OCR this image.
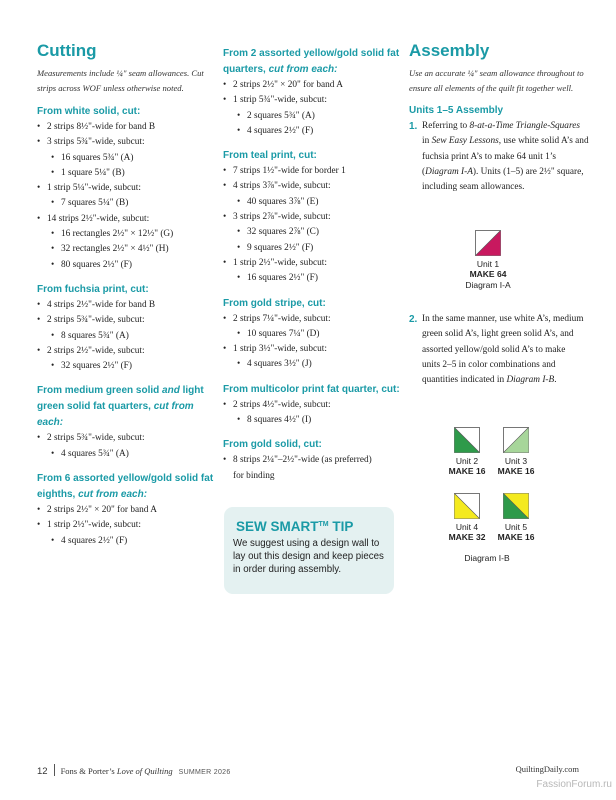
Cutting
Measurements include ¼" seam allowances. Cut strips across WOF unless otherwise noted.
From white solid, cut:
• 2 strips 8½"-wide for band B
• 3 strips 5¾"-wide, subcut:
• 16 squares 5¾" (A)
• 1 square 5¼" (B)
• 1 strip 5¼"-wide, subcut:
• 7 squares 5¼" (B)
• 14 strips 2½"-wide, subcut:
• 16 rectangles 2½" × 12½" (G)
• 32 rectangles 2½" × 4½" (H)
• 80 squares 2½" (F)
From fuchsia print, cut:
• 4 strips 2½"-wide for band B
• 2 strips 5¾"-wide, subcut:
• 8 squares 5¾" (A)
• 2 strips 2½"-wide, subcut:
• 32 squares 2½" (F)
From medium green solid and light green solid fat quarters, cut from each:
• 2 strips 5¾"-wide, subcut:
• 4 squares 5¾" (A)
From 6 assorted yellow/gold solid fat eighths, cut from each:
• 2 strips 2½" × 20" for band A
• 1 strip 2½"-wide, subcut:
• 4 squares 2½" (F)
From 2 assorted yellow/gold solid fat quarters, cut from each:
• 2 strips 2½" × 20" for band A
• 1 strip 5¾"-wide, subcut:
• 2 squares 5¾" (A)
• 4 squares 2½" (F)
From teal print, cut:
• 7 strips 1½"-wide for border 1
• 4 strips 3⅞"-wide, subcut:
• 40 squares 3⅞" (E)
• 3 strips 2⅞"-wide, subcut:
• 32 squares 2⅞" (C)
• 9 squares 2½" (F)
• 1 strip 2½"-wide, subcut:
• 16 squares 2½" (F)
From gold stripe, cut:
• 2 strips 7¼"-wide, subcut:
• 10 squares 7¼" (D)
• 1 strip 3½"-wide, subcut:
• 4 squares 3½" (J)
From multicolor print fat quarter, cut:
• 2 strips 4½"-wide, subcut:
• 8 squares 4½" (I)
From gold solid, cut:
• 8 strips 2¼"–2½"-wide (as preferred)
for binding
SEW SMART™ TIP
We suggest using a design wall to lay out this design and keep pieces in order during assembly.
Assembly
Use an accurate ¼" seam allowance throughout to ensure all elements of the quilt fit together well.
Units 1–5 Assembly
1. Referring to 8-at-a-Time Triangle-Squares in Sew Easy Lessons, use white solid A’s and fuchsia print A’s to make 64 unit 1’s (Diagram I-A). Units (1–5) are 2½" square, including seam allowances.
Unit 1
MAKE 64
Diagram I-A
2. In the same manner, use white A’s, medium green solid A’s, light green solid A’s, and assorted yellow/gold solid A’s to make units 2–5 in color combinations and quantities indicated in Diagram I-B.
Unit 2
MAKE 16
Unit 3
MAKE 16
Unit 4
MAKE 32
Unit 5
MAKE 16
Diagram I-B
12 Fons & Porter’s Love of Quilting SUMMER 2026	QuiltingDaily.com
FassionForum.ru
